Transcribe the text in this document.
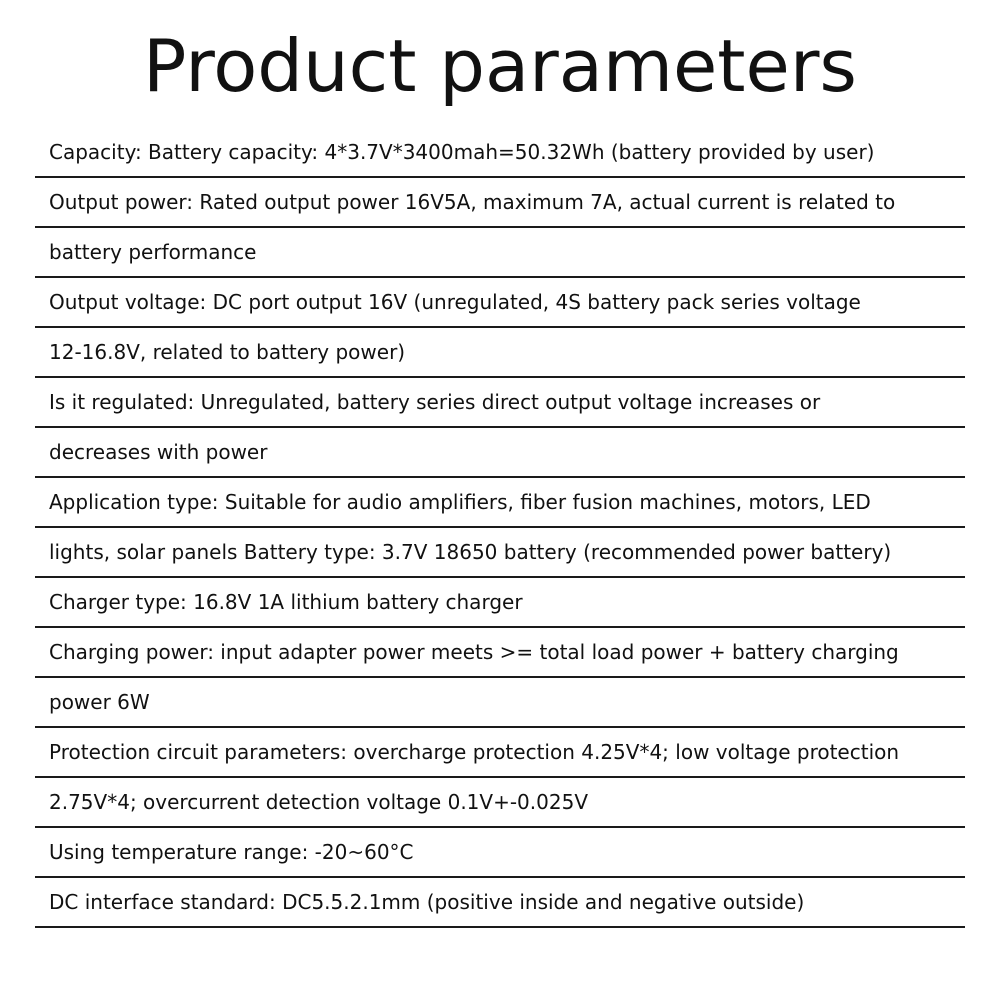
Product parameters
Capacity: Battery capacity: 4*3.7V*3400mah=50.32Wh (battery provided by user)
Output power: Rated output power 16V5A, maximum 7A, actual current is related to
battery performance
Output voltage: DC port output 16V (unregulated, 4S battery pack series voltage
12-16.8V, related to battery power)
Is it regulated: Unregulated, battery series direct output voltage increases or
decreases with power
Application type: Suitable for audio amplifiers, fiber fusion machines, motors, LED
lights, solar panels Battery type: 3.7V 18650 battery (recommended power battery)
Charger type: 16.8V 1A lithium battery charger
Charging power: input adapter power meets >= total load power + battery charging
power 6W
Protection circuit parameters: overcharge protection 4.25V*4; low voltage protection
2.75V*4; overcurrent detection voltage 0.1V+-0.025V
Using temperature range: -20~60°C
DC interface standard: DC5.5.2.1mm (positive inside and negative outside)
